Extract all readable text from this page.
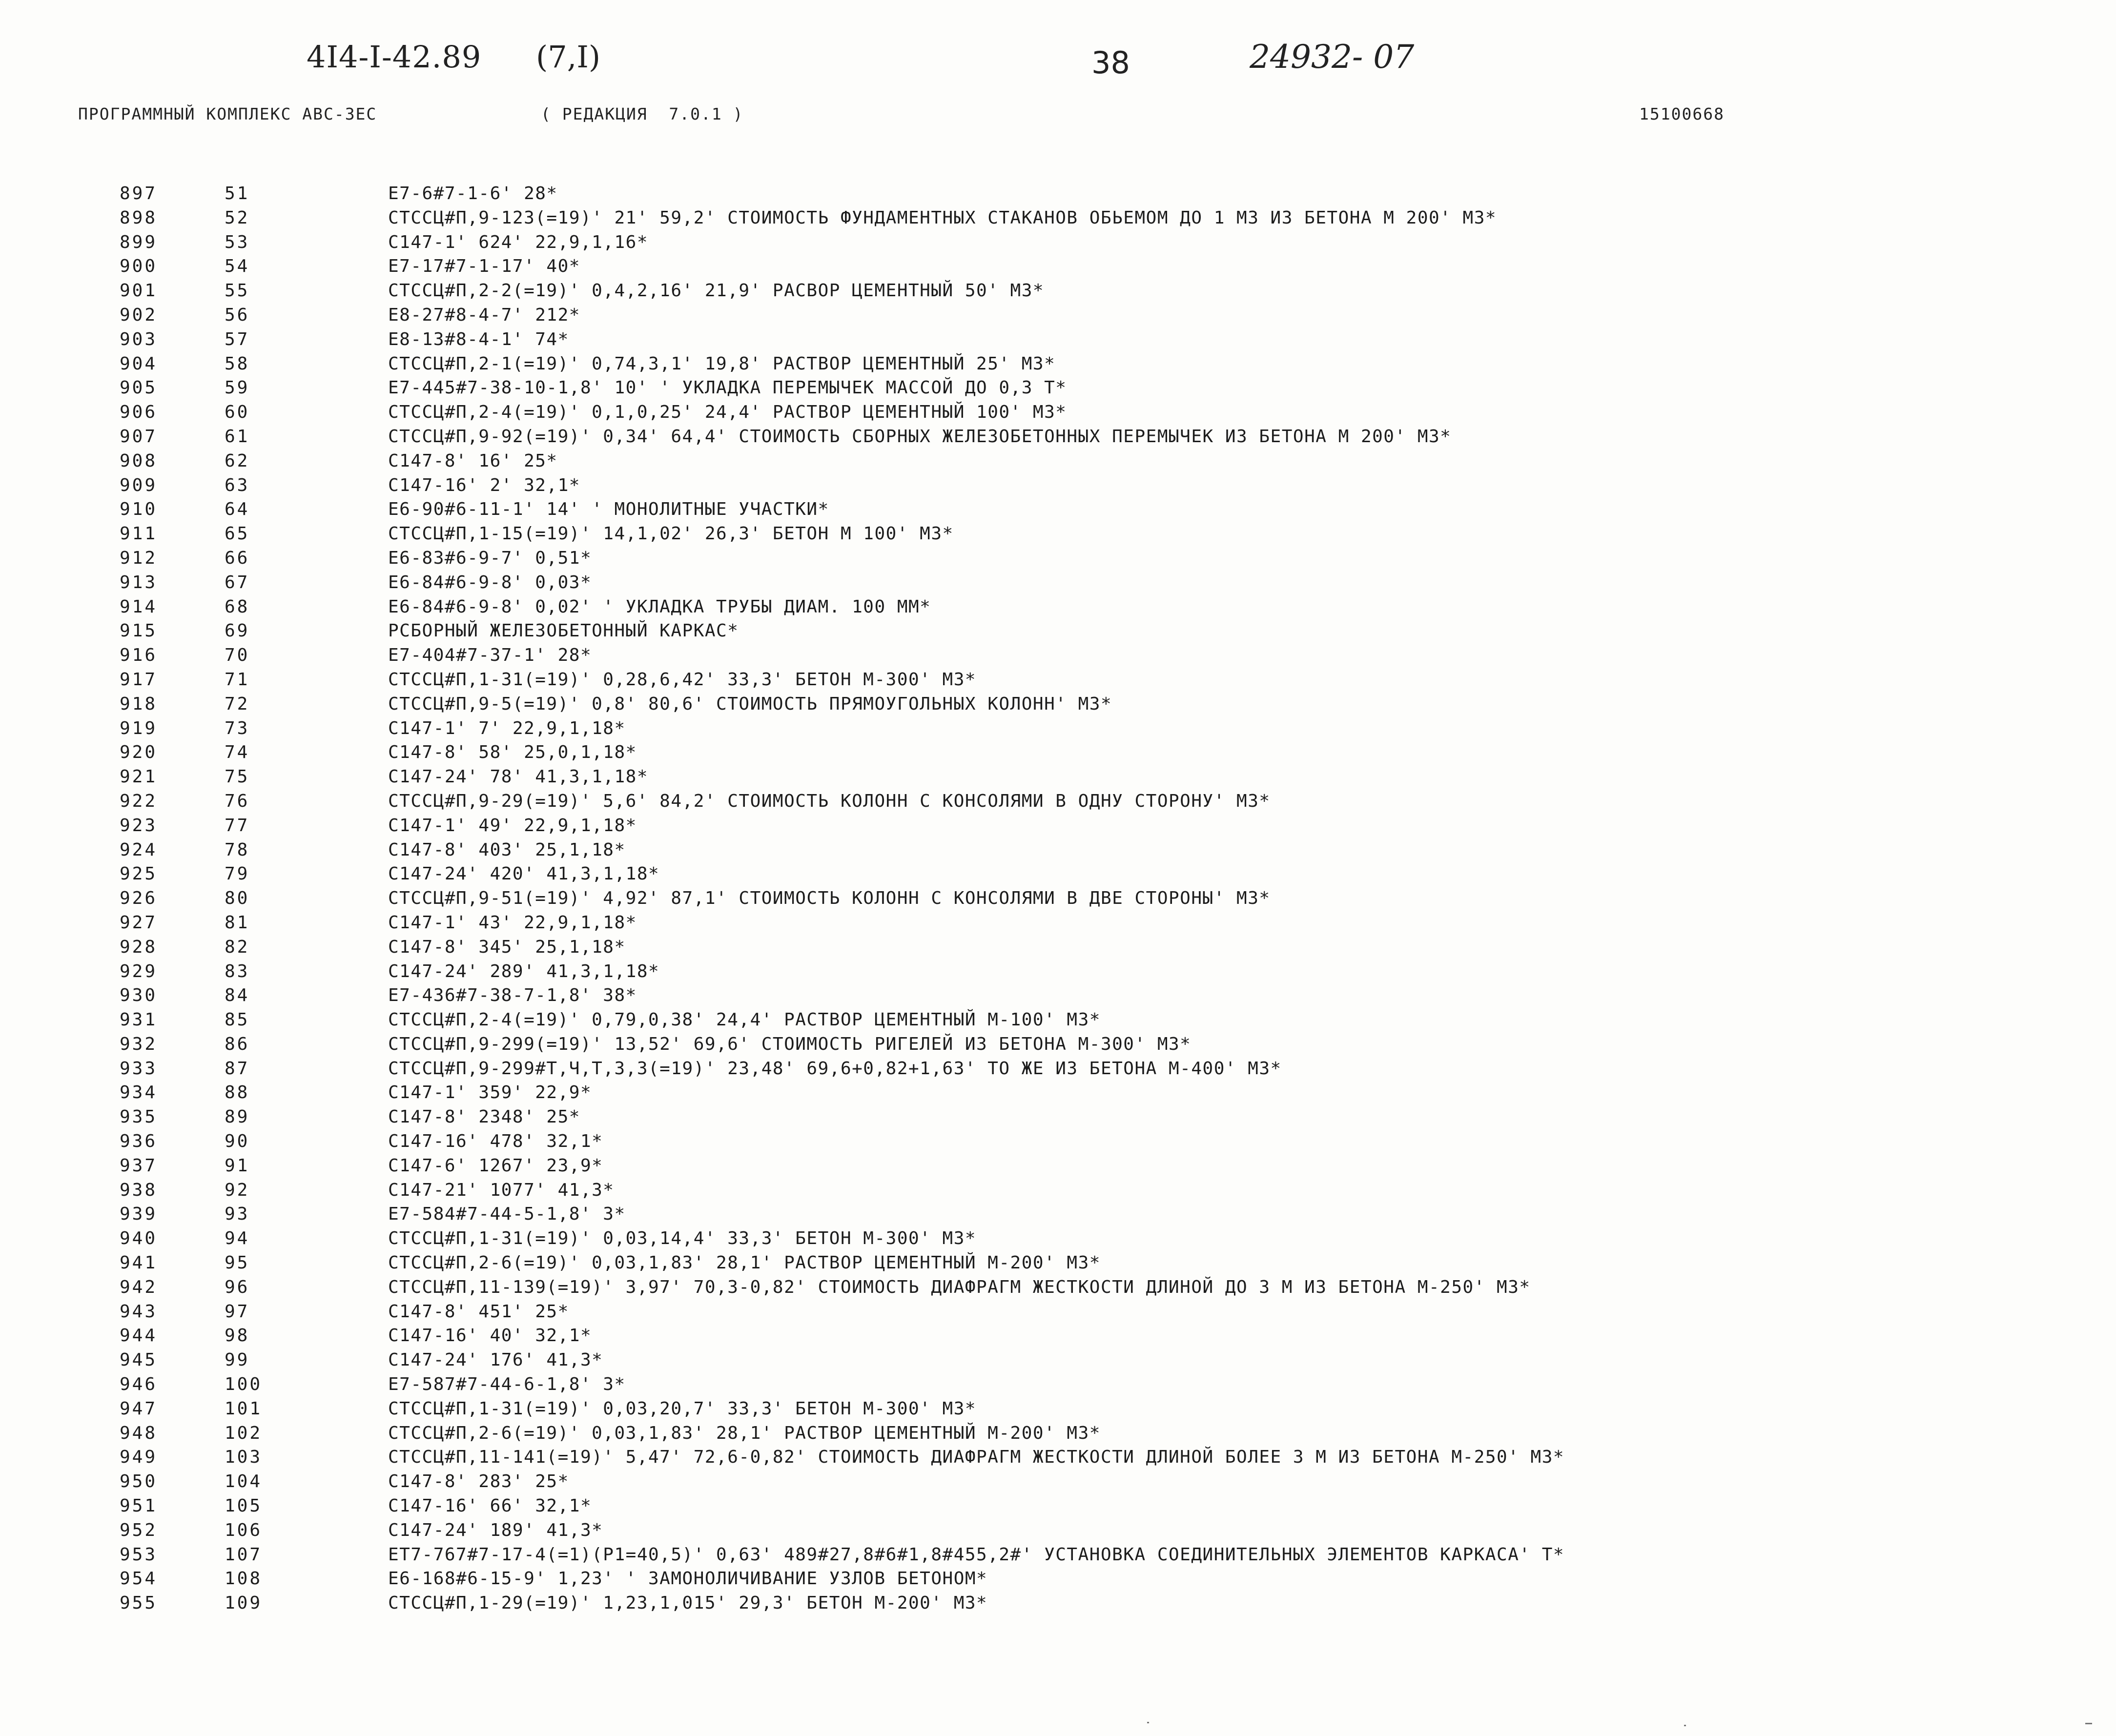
4I4-I-42.89 (7,I)	38	24932- 07
ПРОГРАММНЫЙ КОМПЛЕКС АВС-3ЕС	( РЕДАКЦИЯ  7.0.1 )	15100668
897	51	Е7-6#7-1-6' 28*
898	52	СТССЦ#П,9-123(=19)' 21' 59,2' СТОИМОСТЬ ФУНДАМЕНТНЫХ СТАКАНОВ ОБЬЕМОМ ДО 1 М3 ИЗ БЕТОНА М 200' М3*
899	53	С147-1' 624' 22,9,1,16*
900	54	Е7-17#7-1-17' 40*
901	55	СТССЦ#П,2-2(=19)' 0,4,2,16' 21,9' РАСВОР ЦЕМЕНТНЫЙ 50' М3*
902	56	Е8-27#8-4-7' 212*
903	57	Е8-13#8-4-1' 74*
904	58	СТССЦ#П,2-1(=19)' 0,74,3,1' 19,8' РАСТВОР ЦЕМЕНТНЫЙ 25' М3*
905	59	Е7-445#7-38-10-1,8' 10' ' УКЛАДКА ПЕРЕМЫЧЕК МАССОЙ ДО 0,3 Т*
906	60	СТССЦ#П,2-4(=19)' 0,1,0,25' 24,4' РАСТВОР ЦЕМЕНТНЫЙ 100' М3*
907	61	СТССЦ#П,9-92(=19)' 0,34' 64,4' СТОИМОСТЬ СБОРНЫХ ЖЕЛЕЗОБЕТОННЫХ ПЕРЕМЫЧЕК ИЗ БЕТОНА М 200' М3*
908	62	С147-8' 16' 25*
909	63	С147-16' 2' 32,1*
910	64	Е6-90#6-11-1' 14' ' МОНОЛИТНЫЕ УЧАСТКИ*
911	65	СТССЦ#П,1-15(=19)' 14,1,02' 26,3' БЕТОН М 100' М3*
912	66	Е6-83#6-9-7' 0,51*
913	67	Е6-84#6-9-8' 0,03*
914	68	Е6-84#6-9-8' 0,02' ' УКЛАДКА ТРУБЫ ДИАМ. 100 ММ*
915	69	РСБОРНЫЙ ЖЕЛЕЗОБЕТОННЫЙ КАРКАС*
916	70	Е7-404#7-37-1' 28*
917	71	СТССЦ#П,1-31(=19)' 0,28,6,42' 33,3' БЕТОН М-300' М3*
918	72	СТССЦ#П,9-5(=19)' 0,8' 80,6' СТОИМОСТЬ ПРЯМОУГОЛЬНЫХ КОЛОНН' М3*
919	73	С147-1' 7' 22,9,1,18*
920	74	С147-8' 58' 25,0,1,18*
921	75	С147-24' 78' 41,3,1,18*
922	76	СТССЦ#П,9-29(=19)' 5,6' 84,2' СТОИМОСТЬ КОЛОНН С КОНСОЛЯМИ В ОДНУ СТОРОНУ' М3*
923	77	С147-1' 49' 22,9,1,18*
924	78	С147-8' 403' 25,1,18*
925	79	С147-24' 420' 41,3,1,18*
926	80	СТССЦ#П,9-51(=19)' 4,92' 87,1' СТОИМОСТЬ КОЛОНН С КОНСОЛЯМИ В ДВЕ СТОРОНЫ' М3*
927	81	С147-1' 43' 22,9,1,18*
928	82	С147-8' 345' 25,1,18*
929	83	С147-24' 289' 41,3,1,18*
930	84	Е7-436#7-38-7-1,8' 38*
931	85	СТССЦ#П,2-4(=19)' 0,79,0,38' 24,4' РАСТВОР ЦЕМЕНТНЫЙ М-100' М3*
932	86	СТССЦ#П,9-299(=19)' 13,52' 69,6' СТОИМОСТЬ РИГЕЛЕЙ ИЗ БЕТОНА М-300' М3*
933	87	СТССЦ#П,9-299#Т,Ч,Т,3,3(=19)' 23,48' 69,6+0,82+1,63' ТО ЖЕ ИЗ БЕТОНА М-400' М3*
934	88	С147-1' 359' 22,9*
935	89	С147-8' 2348' 25*
936	90	С147-16' 478' 32,1*
937	91	С147-6' 1267' 23,9*
938	92	С147-21' 1077' 41,3*
939	93	Е7-584#7-44-5-1,8' 3*
940	94	СТССЦ#П,1-31(=19)' 0,03,14,4' 33,3' БЕТОН М-300' М3*
941	95	СТССЦ#П,2-6(=19)' 0,03,1,83' 28,1' РАСТВОР ЦЕМЕНТНЫЙ М-200' М3*
942	96	СТССЦ#П,11-139(=19)' 3,97' 70,3-0,82' СТОИМОСТЬ ДИАФРАГМ ЖЕСТКОСТИ ДЛИНОЙ ДО 3 М ИЗ БЕТОНА М-250' М3*
943	97	С147-8' 451' 25*
944	98	С147-16' 40' 32,1*
945	99	С147-24' 176' 41,3*
946	100	Е7-587#7-44-6-1,8' 3*
947	101	СТССЦ#П,1-31(=19)' 0,03,20,7' 33,3' БЕТОН М-300' М3*
948	102	СТССЦ#П,2-6(=19)' 0,03,1,83' 28,1' РАСТВОР ЦЕМЕНТНЫЙ М-200' М3*
949	103	СТССЦ#П,11-141(=19)' 5,47' 72,6-0,82' СТОИМОСТЬ ДИАФРАГМ ЖЕСТКОСТИ ДЛИНОЙ БОЛЕЕ 3 М ИЗ БЕТОНА М-250' М3*
950	104	С147-8' 283' 25*
951	105	С147-16' 66' 32,1*
952	106	С147-24' 189' 41,3*
953	107	ЕТ7-767#7-17-4(=1)(Р1=40,5)' 0,63' 489#27,8#6#1,8#455,2#' УСТАНОВКА СОЕДИНИТЕЛЬНЫХ ЭЛЕМЕНТОВ КАРКАСА' Т*
954	108	Е6-168#6-15-9' 1,23' ' ЗАМОНОЛИЧИВАНИЕ УЗЛОВ БЕТОНОМ*
955	109	СТССЦ#П,1-29(=19)' 1,23,1,015' 29,3' БЕТОН М-200' М3*
